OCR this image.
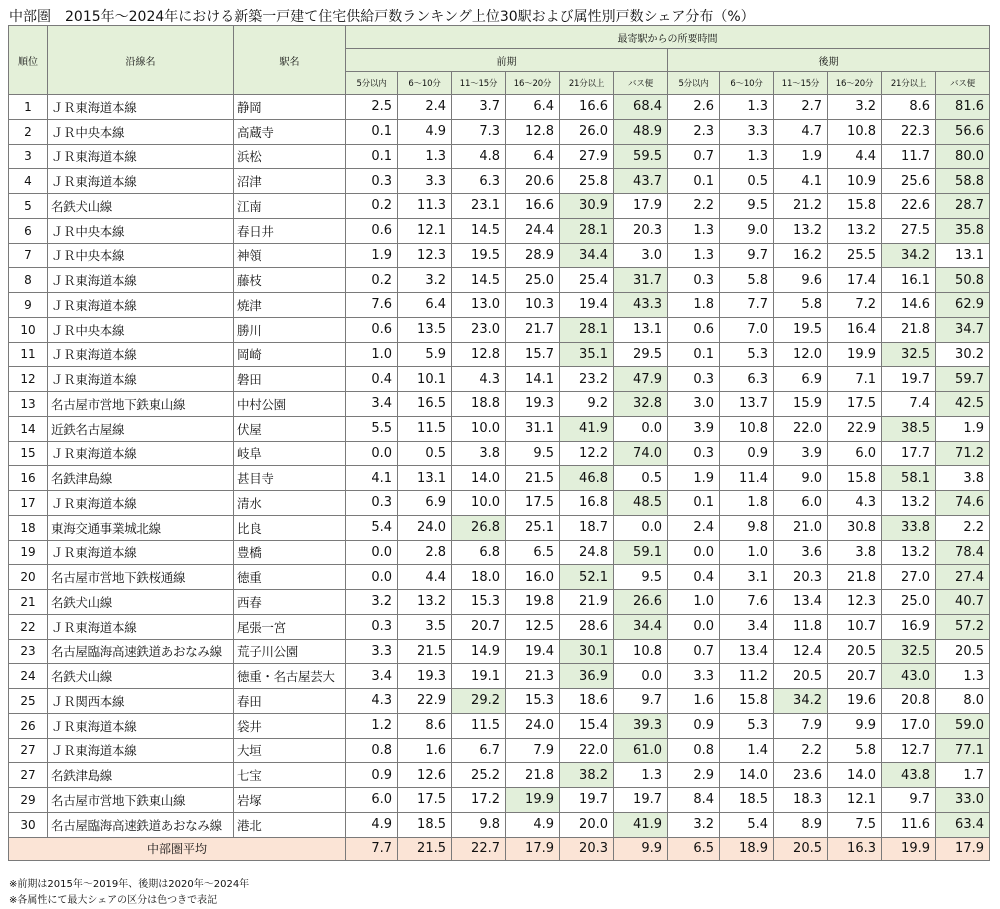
中部圏　2015年～2024年における新築一戸建て住宅供給戸数ランキング上位30駅および属性別戸数シェア分布（%）
順位	沿線名	駅名	最寄駅からの所要時間											
			前期						後期					
			5分以内	6～10分	11～15分	16～20分	21分以上	バス便	5分以内	6～10分	11～15分	16～20分	21分以上	バス便
1	ＪＲ東海道本線	静岡	2.5	2.4	3.7	6.4	16.6	68.4	2.6	1.3	2.7	3.2	8.6	81.6
2	ＪＲ中央本線	高蔵寺	0.1	4.9	7.3	12.8	26.0	48.9	2.3	3.3	4.7	10.8	22.3	56.6
3	ＪＲ東海道本線	浜松	0.1	1.3	4.8	6.4	27.9	59.5	0.7	1.3	1.9	4.4	11.7	80.0
4	ＪＲ東海道本線	沼津	0.3	3.3	6.3	20.6	25.8	43.7	0.1	0.5	4.1	10.9	25.6	58.8
5	名鉄犬山線	江南	0.2	11.3	23.1	16.6	30.9	17.9	2.2	9.5	21.2	15.8	22.6	28.7
6	ＪＲ中央本線	春日井	0.6	12.1	14.5	24.4	28.1	20.3	1.3	9.0	13.2	13.2	27.5	35.8
7	ＪＲ中央本線	神領	1.9	12.3	19.5	28.9	34.4	3.0	1.3	9.7	16.2	25.5	34.2	13.1
8	ＪＲ東海道本線	藤枝	0.2	3.2	14.5	25.0	25.4	31.7	0.3	5.8	9.6	17.4	16.1	50.8
9	ＪＲ東海道本線	焼津	7.6	6.4	13.0	10.3	19.4	43.3	1.8	7.7	5.8	7.2	14.6	62.9
10	ＪＲ中央本線	勝川	0.6	13.5	23.0	21.7	28.1	13.1	0.6	7.0	19.5	16.4	21.8	34.7
11	ＪＲ東海道本線	岡崎	1.0	5.9	12.8	15.7	35.1	29.5	0.1	5.3	12.0	19.9	32.5	30.2
12	ＪＲ東海道本線	磐田	0.4	10.1	4.3	14.1	23.2	47.9	0.3	6.3	6.9	7.1	19.7	59.7
13	名古屋市営地下鉄東山線	中村公園	3.4	16.5	18.8	19.3	9.2	32.8	3.0	13.7	15.9	17.5	7.4	42.5
14	近鉄名古屋線	伏屋	5.5	11.5	10.0	31.1	41.9	0.0	3.9	10.8	22.0	22.9	38.5	1.9
15	ＪＲ東海道本線	岐阜	0.0	0.5	3.8	9.5	12.2	74.0	0.3	0.9	3.9	6.0	17.7	71.2
16	名鉄津島線	甚目寺	4.1	13.1	14.0	21.5	46.8	0.5	1.9	11.4	9.0	15.8	58.1	3.8
17	ＪＲ東海道本線	清水	0.3	6.9	10.0	17.5	16.8	48.5	0.1	1.8	6.0	4.3	13.2	74.6
18	東海交通事業城北線	比良	5.4	24.0	26.8	25.1	18.7	0.0	2.4	9.8	21.0	30.8	33.8	2.2
19	ＪＲ東海道本線	豊橋	0.0	2.8	6.8	6.5	24.8	59.1	0.0	1.0	3.6	3.8	13.2	78.4
20	名古屋市営地下鉄桜通線	徳重	0.0	4.4	18.0	16.0	52.1	9.5	0.4	3.1	20.3	21.8	27.0	27.4
21	名鉄犬山線	西春	3.2	13.2	15.3	19.8	21.9	26.6	1.0	7.6	13.4	12.3	25.0	40.7
22	ＪＲ東海道本線	尾張一宮	0.3	3.5	20.7	12.5	28.6	34.4	0.0	3.4	11.8	10.7	16.9	57.2
23	名古屋臨海高速鉄道あおなみ線	荒子川公園	3.3	21.5	14.9	19.4	30.1	10.8	0.7	13.4	12.4	20.5	32.5	20.5
24	名鉄犬山線	徳重・名古屋芸大	3.4	19.3	19.1	21.3	36.9	0.0	3.3	11.2	20.5	20.7	43.0	1.3
25	ＪＲ関西本線	春田	4.3	22.9	29.2	15.3	18.6	9.7	1.6	15.8	34.2	19.6	20.8	8.0
26	ＪＲ東海道本線	袋井	1.2	8.6	11.5	24.0	15.4	39.3	0.9	5.3	7.9	9.9	17.0	59.0
27	ＪＲ東海道本線	大垣	0.8	1.6	6.7	7.9	22.0	61.0	0.8	1.4	2.2	5.8	12.7	77.1
27	名鉄津島線	七宝	0.9	12.6	25.2	21.8	38.2	1.3	2.9	14.0	23.6	14.0	43.8	1.7
29	名古屋市営地下鉄東山線	岩塚	6.0	17.5	17.2	19.9	19.7	19.7	8.4	18.5	18.3	12.1	9.7	33.0
30	名古屋臨海高速鉄道あおなみ線	港北	4.9	18.5	9.8	4.9	20.0	41.9	3.2	5.4	8.9	7.5	11.6	63.4
中部圏平均			7.7	21.5	22.7	17.9	20.3	9.9	6.5	18.9	20.5	16.3	19.9	17.9
※前期は2015年～2019年、後期は2020年～2024年
※各属性にて最大シェアの区分は色つきで表記
